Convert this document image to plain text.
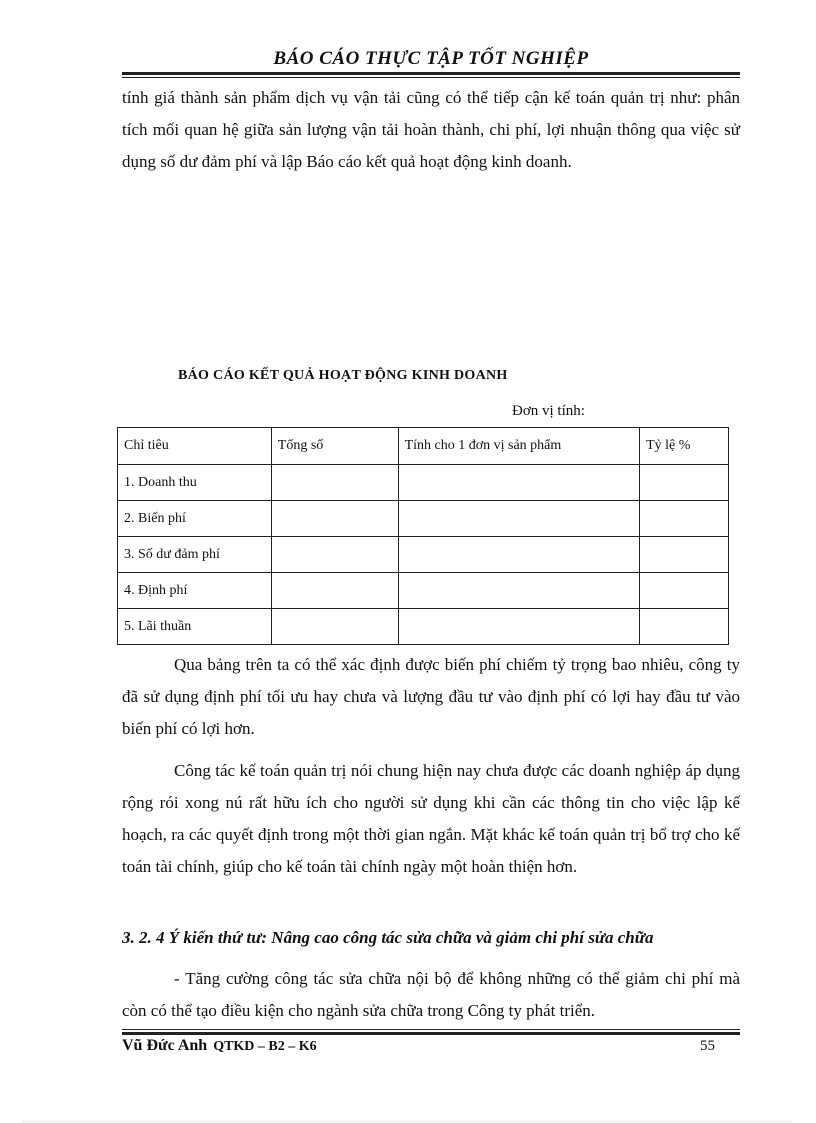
BÁO CÁO THỰC TẬP TỐT NGHIỆP

tính giá thành sản phẩm dịch vụ vận tải cũng có thể tiếp cận kế toán quản trị như: phân tích mối quan hệ giữa sản lượng vận tải hoàn thành, chi phí, lợi nhuận thông qua việc sử dụng số dư đảm phí và lập Báo cáo kết quả hoạt động kinh doanh.

BÁO CÁO KẾT QUẢ HOẠT ĐỘNG KINH DOANH
Đơn vị tính:
Chỉ tiêu	Tổng số	Tính cho 1 đơn vị sản phẩm	Tỷ lệ %
1. Doanh thu			
2. Biến phí			
3. Số dư đảm phí			
4. Định phí			
5. Lãi thuần			

Qua bảng trên ta có thể xác định được biến phí chiếm tỷ trọng bao nhiêu, công ty đã sử dụng định phí tối ưu hay chưa và lượng đầu tư vào định phí có lợi hay đầu tư vào biến phí có lợi hơn.

Công tác kế toán quản trị nói chung hiện nay chưa được các doanh nghiệp áp dụng rộng rói xong nú rất hữu ích cho người sử dụng khi cần các thông tin cho việc lập kế hoạch, ra các quyết định trong một thời gian ngắn. Mặt khác kế toán quản trị bổ trợ cho kế toán tài chính, giúp cho kế toán tài chính ngày một hoàn thiện hơn.

3. 2. 4 Ý kiến thứ tư: Nâng cao công tác sửa chữa và giảm chi phí sửa chữa

- Tăng cường công tác sửa chữa nội bộ để không những có thể giảm chi phí mà còn có thể tạo điều kiện cho ngành sửa chữa trong Công ty phát triển.

Vũ Đức Anh QTKD – B2 – K6	55
